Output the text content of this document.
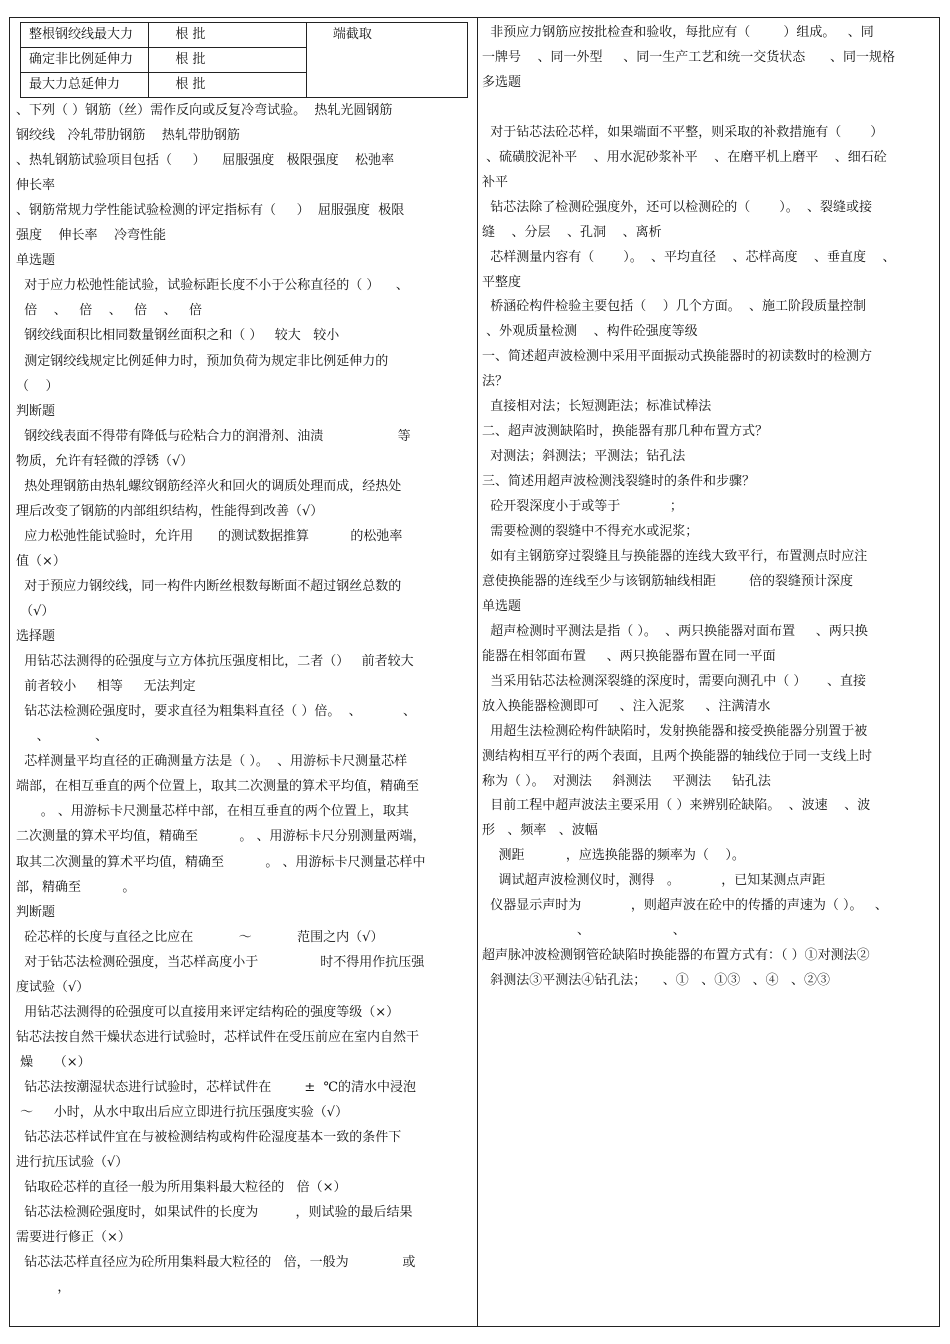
整根钢绞线最大力	根 批	端截取
确定非比例延伸力	根 批	
最大力总延伸力	根 批	
、下列（ ）钢筋（丝）需作反向或反复冷弯试验。  热轧光圆钢筋
钢绞线   冷轧带肋钢筋    热轧带肋钢筋
、热轧钢筋试验项目包括（     ）    屈服强度   极限强度    松弛率
伸长率
、钢筋常规力学性能试验检测的评定指标有（     ）  屈服强度  极限
强度    伸长率    冷弯性能
单选题
对于应力松弛性能试验，试验标距长度不小于公称直径的（ ）    、
倍    、   倍    、   倍    、   倍
钢绞线面积比相同数量钢丝面积之和（ ）   较大   较小
测定钢绞线规定比例延伸力时，预加负荷为规定非比例延伸力的
（    ）
判断题
钢绞线表面不得带有降低与砼粘合力的润滑剂、油渍                  等
物质，允许有轻微的浮锈（√）
热处理钢筋由热轧螺纹钢筋经淬火和回火的调质处理而成，经热处
理后改变了钢筋的内部组织结构，性能得到改善（√）
应力松弛性能试验时，允许用      的测试数据推算          的松弛率
值（×）
对于预应力钢绞线，同一构件内断丝根数每断面不超过钢丝总数的
（√）
选择题
用钻芯法测得的砼强度与立方体抗压强度相比，二者（）   前者较大
前者较小     相等     无法判定
钻芯法检测砼强度时，要求直径为粗集料直径（ ）倍。  、          、
、           、
芯样测量平均直径的正确测量方法是（ ）。  、用游标卡尺测量芯样
端部，在相互垂直的两个位置上，取其二次测量的算术平均值，精确至
。 、用游标卡尺测量芯样中部，在相互垂直的两个位置上，取其
二次测量的算术平均值，精确至          。 、用游标卡尺分别测量两端，
取其二次测量的算术平均值，精确至          。 、用游标卡尺测量芯样中
部，精确至          。
判断题
砼芯样的长度与直径之比应在           ～           范围之内（√）
对于钻芯法检测砼强度，当芯样高度小于               时不得用作抗压强
度试验（√）
用钻芯法测得的砼强度可以直接用来评定结构砼的强度等级（×）
钻芯法按自然干燥状态进行试验时，芯样试件在受压前应在室内自然干
燥     （×）
钻芯法按潮湿状态进行试验时，芯样试件在        ±  ℃的清水中浸泡
～     小时，从水中取出后应立即进行抗压强度实验（√）
钻芯法芯样试件宜在与被检测结构或构件砼湿度基本一致的条件下
进行抗压试验（√）
钻取砼芯样的直径一般为所用集料最大粒径的   倍（×）
钻芯法检测砼强度时，如果试件的长度为         ，则试验的最后结果
需要进行修正（×）
钻芯法芯样直径应为砼所用集料最大粒径的   倍，一般为             或
，
非预应力钢筋应按批检查和验收，每批应有（        ）组成。   、同
一牌号    、同一外型     、同一生产工艺和统一交货状态      、同一规格
多选题
对于钻芯法砼芯样，如果端面不平整，则采取的补救措施有（       ）
、硫磺胶泥补平    、用水泥砂浆补平    、在磨平机上磨平    、细石砼
补平
钻芯法除了检测砼强度外，还可以检测砼的（       ）。  、裂缝或接
缝    、分层    、孔洞    、离析
芯样测量内容有（       ）。  、平均直径    、芯样高度    、垂直度    、
平整度
桥涵砼构件检验主要包括（    ）几个方面。  、施工阶段质量控制
、外观质量检测    、构件砼强度等级
一、简述超声波检测中采用平面振动式换能器时的初读数时的检测方
法？
直接相对法；长短测距法；标准试棒法
二、超声波测缺陷时，换能器有那几种布置方式？
对测法；斜测法；平测法；钻孔法
三、简述用超声波检测浅裂缝时的条件和步骤？
砼开裂深度小于或等于            ；
需要检测的裂缝中不得充水或泥浆；
如有主钢筋穿过裂缝且与换能器的连线大致平行，布置测点时应注
意使换能器的连线至少与该钢筋轴线相距        倍的裂缝预计深度
单选题
超声检测时平测法是指（ ）。  、两只换能器对面布置     、两只换
能器在相邻面布置     、两只换能器布置在同一平面
当采用钻芯法检测深裂缝的深度时，需要向测孔中（ ）     、直接
放入换能器检测即可     、注入泥浆     、注满清水
用超生法检测砼构件缺陷时，发射换能器和接受换能器分别置于被
测结构相互平行的两个表面，且两个换能器的轴线位于同一支线上时
称为（ ）。  对测法     斜测法     平测法     钻孔法
目前工程中超声波法主要采用（ ）来辨别砼缺陷。  、波速    、波
形   、频率   、波幅
测距          ，应选换能器的频率为（    ）。
调试超声波检测仪时，测得   。          ，已知某测点声距
仪器显示声时为            ，则超声波在砼中的传播的声速为（ ）。   、
、                    、
超声脉冲波检测钢管砼缺陷时换能器的布置方式有：（ ）①对测法②
斜测法③平测法④钻孔法；    、①   、①③   、④   、②③
